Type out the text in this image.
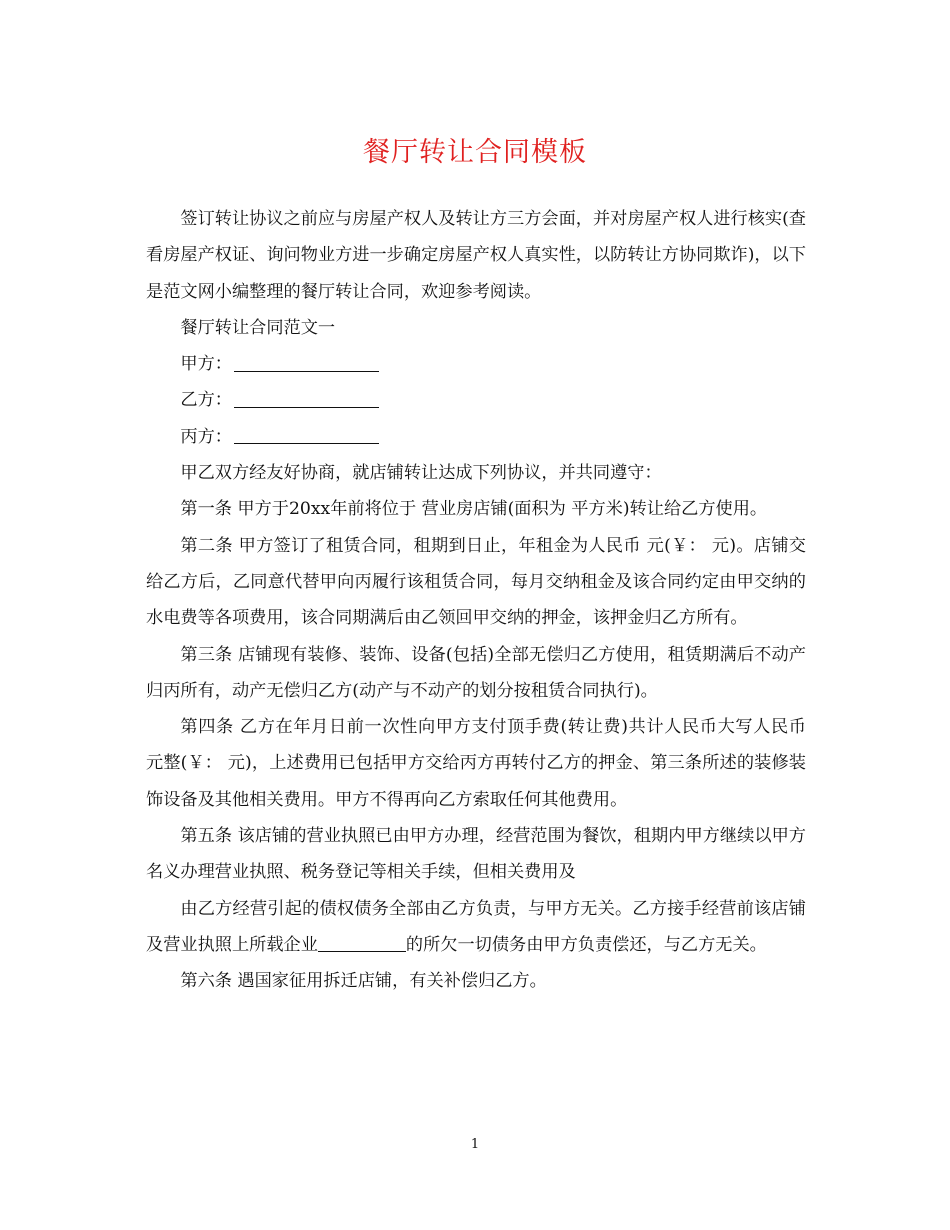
餐厅转让合同模板

签订转让协议之前应与房屋产权人及转让方三方会面，并对房屋产权人进行核实(查看房屋产权证、询问物业方进一步确定房屋产权人真实性，以防转让方协同欺诈)，以下是范文网小编整理的餐厅转让合同，欢迎参考阅读。

餐厅转让合同范文一

甲方：

乙方：

丙方：

甲乙双方经友好协商，就店铺转让达成下列协议，并共同遵守：

第一条 甲方于20xx年前将位于 营业房店铺(面积为 平方米)转让给乙方使用。

第二条 甲方签订了租赁合同，租期到日止，年租金为人民币 元(￥： 元)。店铺交给乙方后，乙同意代替甲向丙履行该租赁合同，每月交纳租金及该合同约定由甲交纳的水电费等各项费用，该合同期满后由乙领回甲交纳的押金，该押金归乙方所有。

第三条 店铺现有装修、装饰、设备(包括)全部无偿归乙方使用，租赁期满后不动产归丙所有，动产无偿归乙方(动产与不动产的划分按租赁合同执行)。

第四条 乙方在年月日前一次性向甲方支付顶手费(转让费)共计人民币大写人民币 元整(￥： 元)，上述费用已包括甲方交给丙方再转付乙方的押金、第三条所述的装修装饰设备及其他相关费用。甲方不得再向乙方索取任何其他费用。

第五条 该店铺的营业执照已由甲方办理，经营范围为餐饮，租期内甲方继续以甲方名义办理营业执照、税务登记等相关手续，但相关费用及

由乙方经营引起的债权债务全部由乙方负责，与甲方无关。乙方接手经营前该店铺及营业执照上所载企业	的所欠一切债务由甲方负责偿还，与乙方无关。

第六条 遇国家征用拆迁店铺，有关补偿归乙方。

1
